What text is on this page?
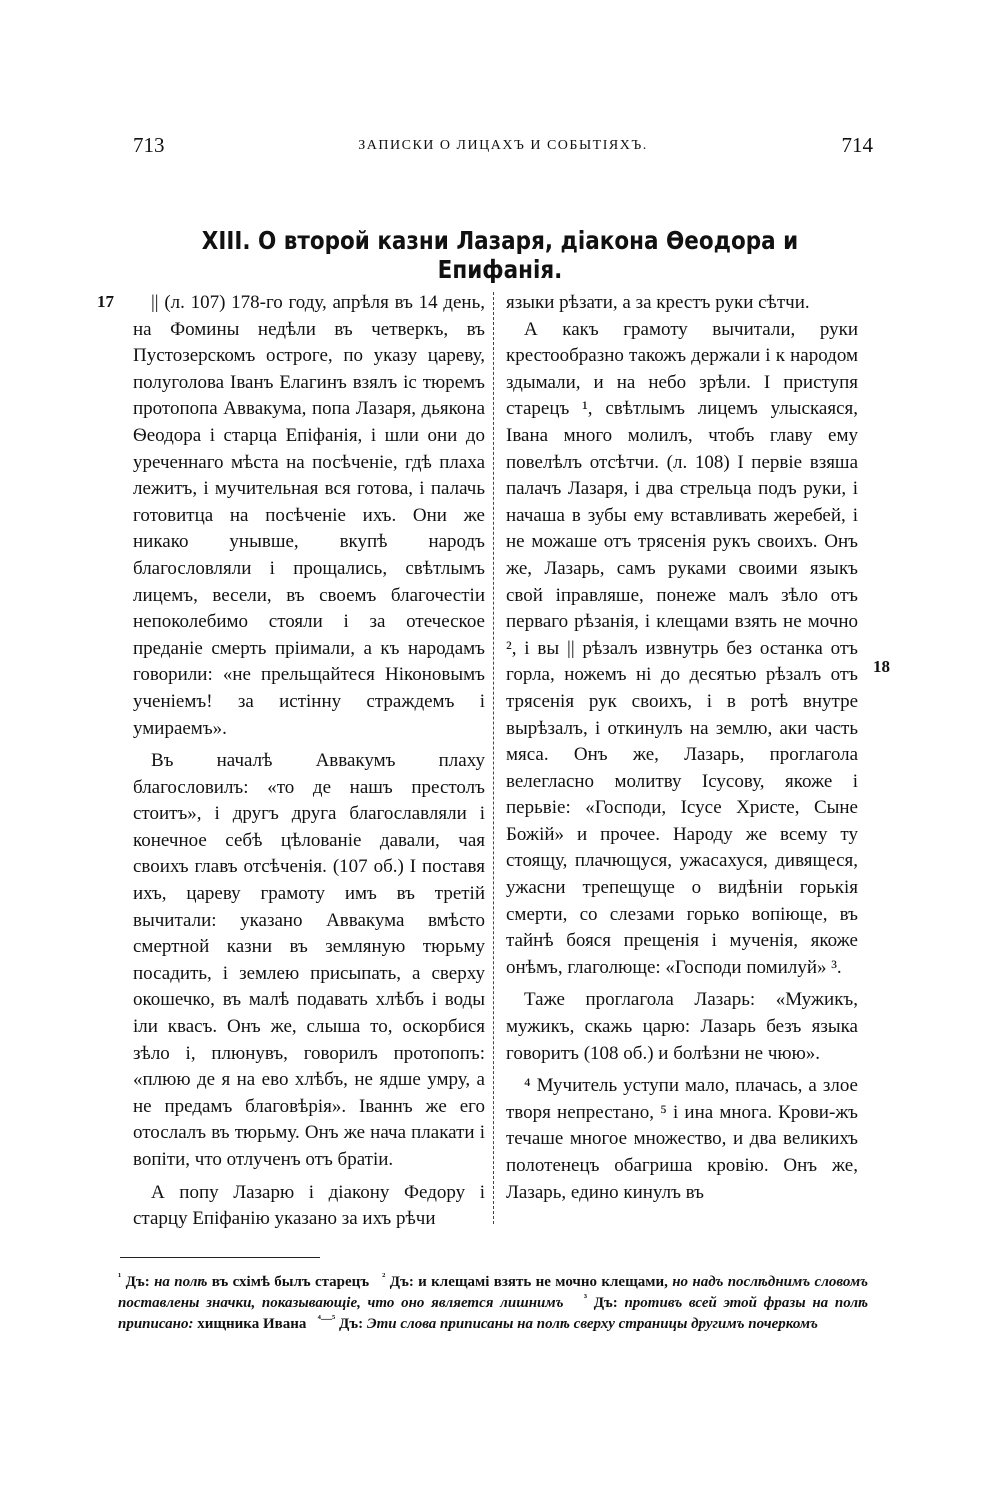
713	ЗАПИСКИ О ЛИЦАХЪ И СОБЫТІЯХЪ.	714
XIII. О второй казни Лазаря, діакона Ѳеодора и Епифанія.
17
18

|| (л. 107) 178-го году, апрѣля въ 14 день, на Фомины недѣли въ четверкъ, въ Пустозерскомъ остроге, по указу цареву, полуголова Іванъ Елагинъ взялъ іс тюремъ протопопа Аввакума, попа Лазаря, дьякона Ѳеодора і старца Епіфанія, і шли они до уреченнаго мѣста на посѣченіе, гдѣ плаха лежитъ, і мучительная вся готова, і палачь готовитца на посѣченіе ихъ. Они же никако унывше, вкупѣ народъ благословляли і прощались, свѣтлымъ лицемъ, весели, въ своемъ благочестіи непоколебимо стояли і за отеческое преданіе смерть пріимали, а къ народамъ говорили: «не прельщайтеся Ніконовымъ ученіемъ! за истінну страждемъ і умираемъ».

Въ началѣ Аввакумъ плаху благословилъ: «то де нашъ престолъ стоитъ», і другъ друга благославляли і конечное себѣ цѣлованіе давали, чая своихъ главъ отсѣченія. (107 об.) І поставя ихъ, цареву грамоту имъ въ третій вычитали: указано Аввакума вмѣсто смертной казни въ земляную тюрьму посадить, і землею присыпать, а сверху окошечко, въ малѣ подавать хлѣбъ і воды іли квасъ. Онъ же, слыша то, оскорбися зѣло і, плюнувъ, говорилъ протопопъ: «плюю де я на ево хлѣбъ, не ядше умру, а не предамъ благовѣрія». Іваннъ же его отослалъ въ тюрьму. Онъ же нача плакати і вопіти, что отлученъ отъ братіи.

А попу Лазарю і діакону Федору і старцу Епіфанію указано за ихъ рѣчи

языки рѣзати, а за крестъ руки сѣтчи.

А какъ грамоту вычитали, руки крестообразно такожъ держали і к народом здымали, и на небо зрѣли. І приступя старецъ ¹, свѣтлымъ лицемъ улыскаяся, Івана много молилъ, чтобъ главу ему повелѣлъ отсѣтчи. (л. 108) І первіе взяша палачъ Лазаря, і два стрельца подъ руки, і начаша в зубы ему вставливать жеребей, і не можаше отъ трясенія рукъ своихъ. Онъ же, Лазарь, самъ руками своими языкъ свой іправляше, понеже малъ зѣло отъ перваго рѣзанія, і клещами взять не мочно ², і вы || рѣзалъ извнутрь без останка отъ горла, ножемъ ні до десятью рѣзалъ отъ трясенія рук своихъ, і в ротѣ внутре вырѣзалъ, і откинулъ на землю, аки часть мяса. Онъ же, Лазарь, проглагола велегласно молитву Ісусову, якоже і перьвіе: «Господи, Ісусе Христе, Сыне Божій» и прочее. Народу же всему ту стоящу, плачющуся, ужасахуся, дивящеся, ужасни трепещуще о видѣніи горькія смерти, со слезами горько вопіюще, въ тайнѣ бояся прещенія і мученія, якоже онѣмъ, глаголюще: «Господи помилуй» ³.

Таже проглагола Лазарь: «Мужикъ, мужикъ, скажь царю: Лазарь безъ языка говоритъ (108 об.) и болѣзни не чюю».

⁴ Мучитель уступи мало, плачась, а злое творя непрестано, ⁵ і ина многа. Крови-жъ течаше многое множество, и два великихъ полотенецъ обагриша кровію. Онъ же, Лазарь, едино кинулъ въ

$^{^1}$ Дъ: на полѣ въ схімѣ былъ старецъ $^{^2}$ Дъ: и клещамі взять не мочно клещами, но надъ послѣднимъ словомъ поставлены значки, показывающіе, что оно является лишнимъ $^{^3}$ Дъ: противъ всей этой фразы на полѣ приписано: хищника Ивана $^{^4—^5}$ Дъ: Эти слова приписаны на полѣ сверху страницы другимъ почеркомъ
